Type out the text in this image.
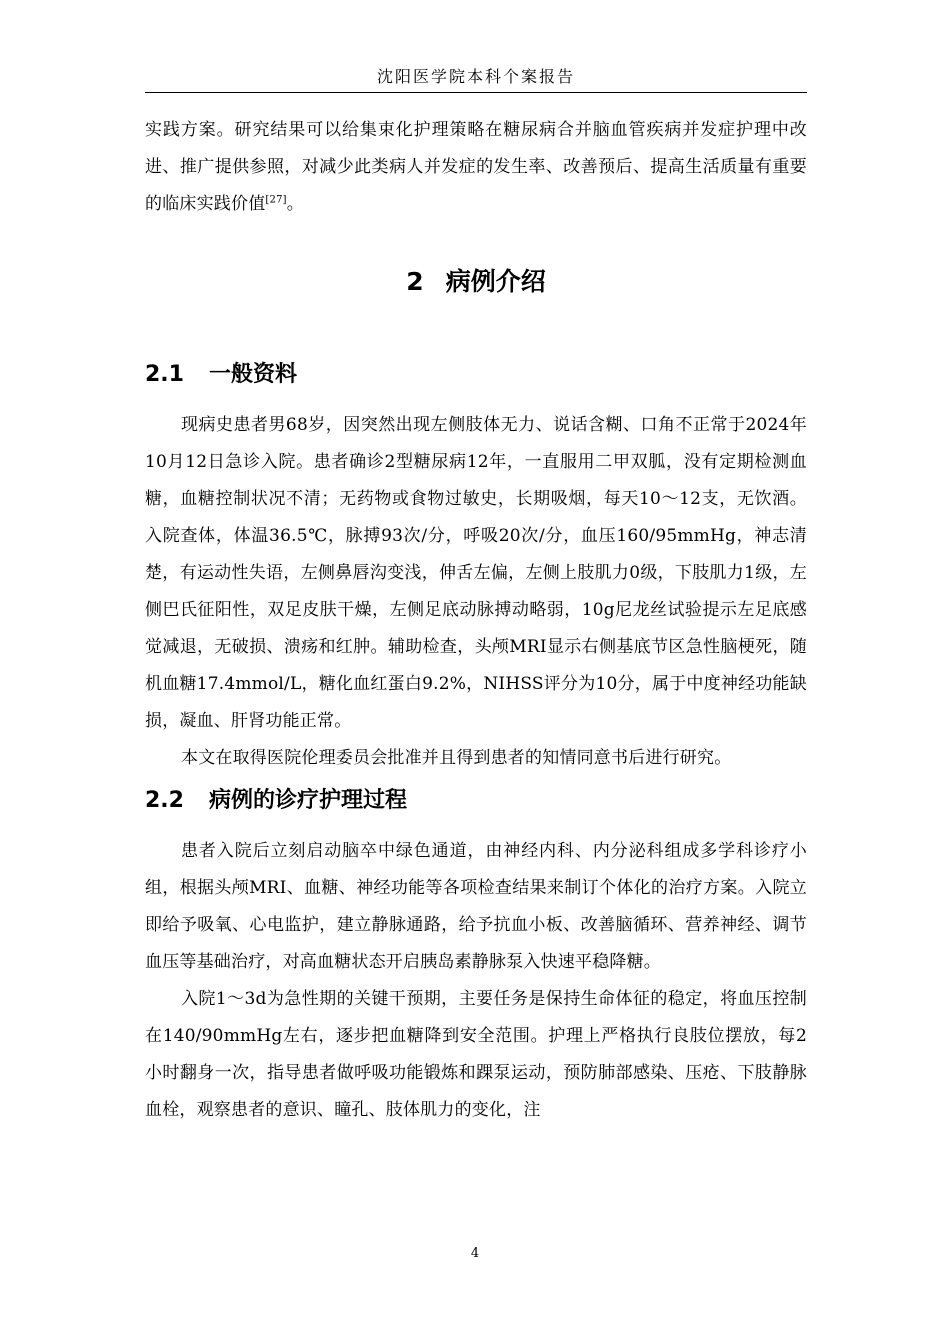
沈阳医学院本科个案报告

实践方案。研究结果可以给集束化护理策略在糖尿病合并脑血管疾病并发症护理中改进、推广提供参照，对减少此类病人并发症的发生率、改善预后、提高生活质量有重要的临床实践价值[27]。

2 病例介绍
2.1 一般资料

现病史患者男68岁，因突然出现左侧肢体无力、说话含糊、口角不正常于2024年10月12日急诊入院。患者确诊2型糖尿病12年，一直服用二甲双胍，没有定期检测血糖，血糖控制状况不清；无药物或食物过敏史，长期吸烟，每天10～12支，无饮酒。入院查体，体温36.5℃，脉搏93次/分，呼吸20次/分，血压160/95mmHg，神志清楚，有运动性失语，左侧鼻唇沟变浅，伸舌左偏，左侧上肢肌力0级，下肢肌力1级，左侧巴氏征阳性，双足皮肤干燥，左侧足底动脉搏动略弱，10g尼龙丝试验提示左足底感觉减退，无破损、溃疡和红肿。辅助检查，头颅MRI显示右侧基底节区急性脑梗死，随机血糖17.4mmol/L，糖化血红蛋白9.2%，NIHSS评分为10分，属于中度神经功能缺损，凝血、肝肾功能正常。

本文在取得医院伦理委员会批准并且得到患者的知情同意书后进行研究。

2.2 病例的诊疗护理过程

患者入院后立刻启动脑卒中绿色通道，由神经内科、内分泌科组成多学科诊疗小组，根据头颅MRI、血糖、神经功能等各项检查结果来制订个体化的治疗方案。入院立即给予吸氧、心电监护，建立静脉通路，给予抗血小板、改善脑循环、营养神经、调节血压等基础治疗，对高血糖状态开启胰岛素静脉泵入快速平稳降糖。

入院1～3d为急性期的关键干预期，主要任务是保持生命体征的稳定，将血压控制在140/90mmHg左右，逐步把血糖降到安全范围。护理上严格执行良肢位摆放，每2小时翻身一次，指导患者做呼吸功能锻炼和踝泵运动，预防肺部感染、压疮、下肢静脉血栓，观察患者的意识、瞳孔、肢体肌力的变化，注

4
